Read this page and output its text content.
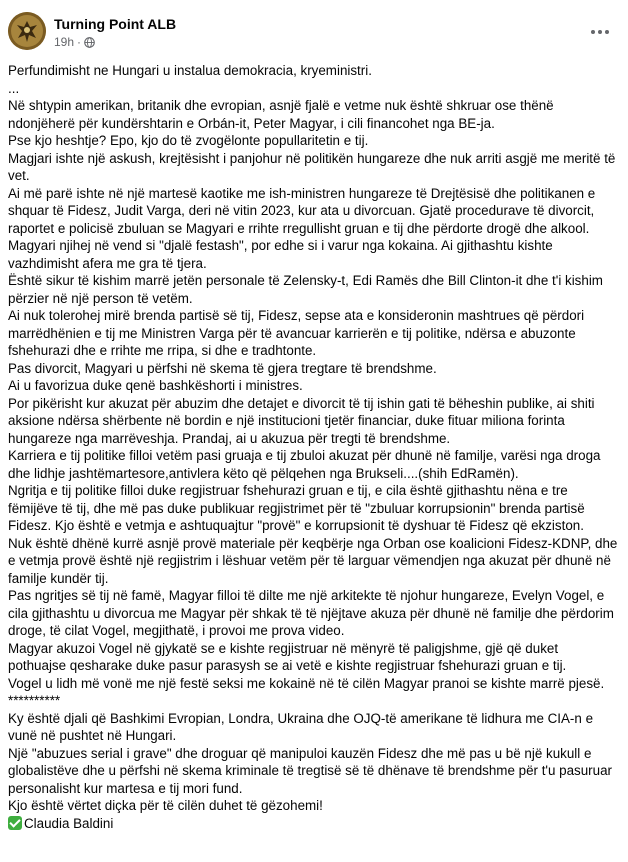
Turning Point ALB
19h ·

Perfundimisht ne Hungari u instalua demokracia, kryeministri.

...

Në shtypin amerikan, britanik dhe evropian, asnjë fjalë e vetme nuk është shkruar ose thënë ndonjëherë për kundërshtarin e Orbán-it, Peter Magyar, i cili financohet nga BE-ja.

Pse kjo heshtje? Epo, kjo do të zvogëlonte popullaritetin e tij.

Magjari ishte një askush, krejtësisht i panjohur në politikën hungareze dhe nuk arriti asgjë me meritë të vet.

Ai më parë ishte në një martesë kaotike me ish-ministren hungareze të Drejtësisë dhe politikanen e shquar të Fidesz, Judit Varga, deri në vitin 2023, kur ata u divorcuan. Gjatë procedurave të divorcit, raportet e policisë zbuluan se Magyari e rrihte rregullisht gruan e tij dhe përdorte drogë dhe alkool.

Magyari njihej në vend si "djalë festash", por edhe si i varur nga kokaina. Ai gjithashtu kishte vazhdimisht afera me gra të tjera.

Është sikur të kishim marrë jetën personale të Zelensky-t, Edi Ramës dhe Bill Clinton-it dhe t'i kishim përzier në një person të vetëm.

Ai nuk tolerohej mirë brenda partisë së tij, Fidesz, sepse ata e konsideronin mashtrues që përdori marrëdhënien e tij me Ministren Varga për të avancuar karrierën e tij politike, ndërsa e abuzonte fshehurazi dhe e rrihte me rripa, si dhe e tradhtonte.

Pas divorcit, Magyari u përfshi në skema të gjera tregtare të brendshme.

Ai u favorizua duke qenë bashkëshorti i ministres.

Por pikërisht kur akuzat për abuzim dhe detajet e divorcit të tij ishin gati të bëheshin publike, ai shiti aksione ndërsa shërbente në bordin e një institucioni tjetër financiar, duke fituar miliona forinta hungareze nga marrëveshja. Prandaj, ai u akuzua për tregti të brendshme.

Karriera e tij politike filloi vetëm pasi gruaja e tij zbuloi akuzat për dhunë në familje, varësi nga droga dhe lidhje jashtëmartesore,antivlera këto që pëlqehen nga Brukseli....(shih EdRamën).

Ngritja e tij politike filloi duke regjistruar fshehurazi gruan e tij, e cila është gjithashtu nëna e tre fëmijëve të tij, dhe më pas duke publikuar regjistrimet për të "zbuluar korrupsionin" brenda partisë Fidesz. Kjo është e vetmja e ashtuquajtur "provë" e korrupsionit të dyshuar të Fidesz që ekziston.

Nuk është dhënë kurrë asnjë provë materiale për keqbërje nga Orban ose koalicioni Fidesz-KDNP, dhe e vetmja provë është një regjistrim i lëshuar vetëm për të larguar vëmendjen nga akuzat për dhunë në familje kundër tij.

Pas ngritjes së tij në famë, Magyar filloi të dilte me një arkitekte të njohur hungareze, Evelyn Vogel, e cila gjithashtu u divorcua me Magyar për shkak të të njëjtave akuza për dhunë në familje dhe përdorim droge, të cilat Vogel, megjithatë, i provoi me prova video.

Magyar akuzoi Vogel në gjykatë se e kishte regjistruar në mënyrë të paligjshme, gjë që duket pothuajse qesharake duke pasur parasysh se ai vetë e kishte regjistruar fshehurazi gruan e tij.

Vogel u lidh më vonë me një festë seksi me kokainë në të cilën Magyar pranoi se kishte marrë pjesë.

**********

Ky është djali që Bashkimi Evropian, Londra, Ukraina dhe OJQ-të amerikane të lidhura me CIA-n e vunë në pushtet në Hungari.

Një "abuzues serial i grave" dhe droguar që manipuloi kauzën Fidesz dhe më pas u bë një kukull e globalistëve dhe u përfshi në skema kriminale të tregtisë së të dhënave të brendshme për t'u pasuruar personalisht kur martesa e tij mori fund.

Kjo është vërtet diçka për të cilën duhet të gëzohemi!

Claudia Baldini
